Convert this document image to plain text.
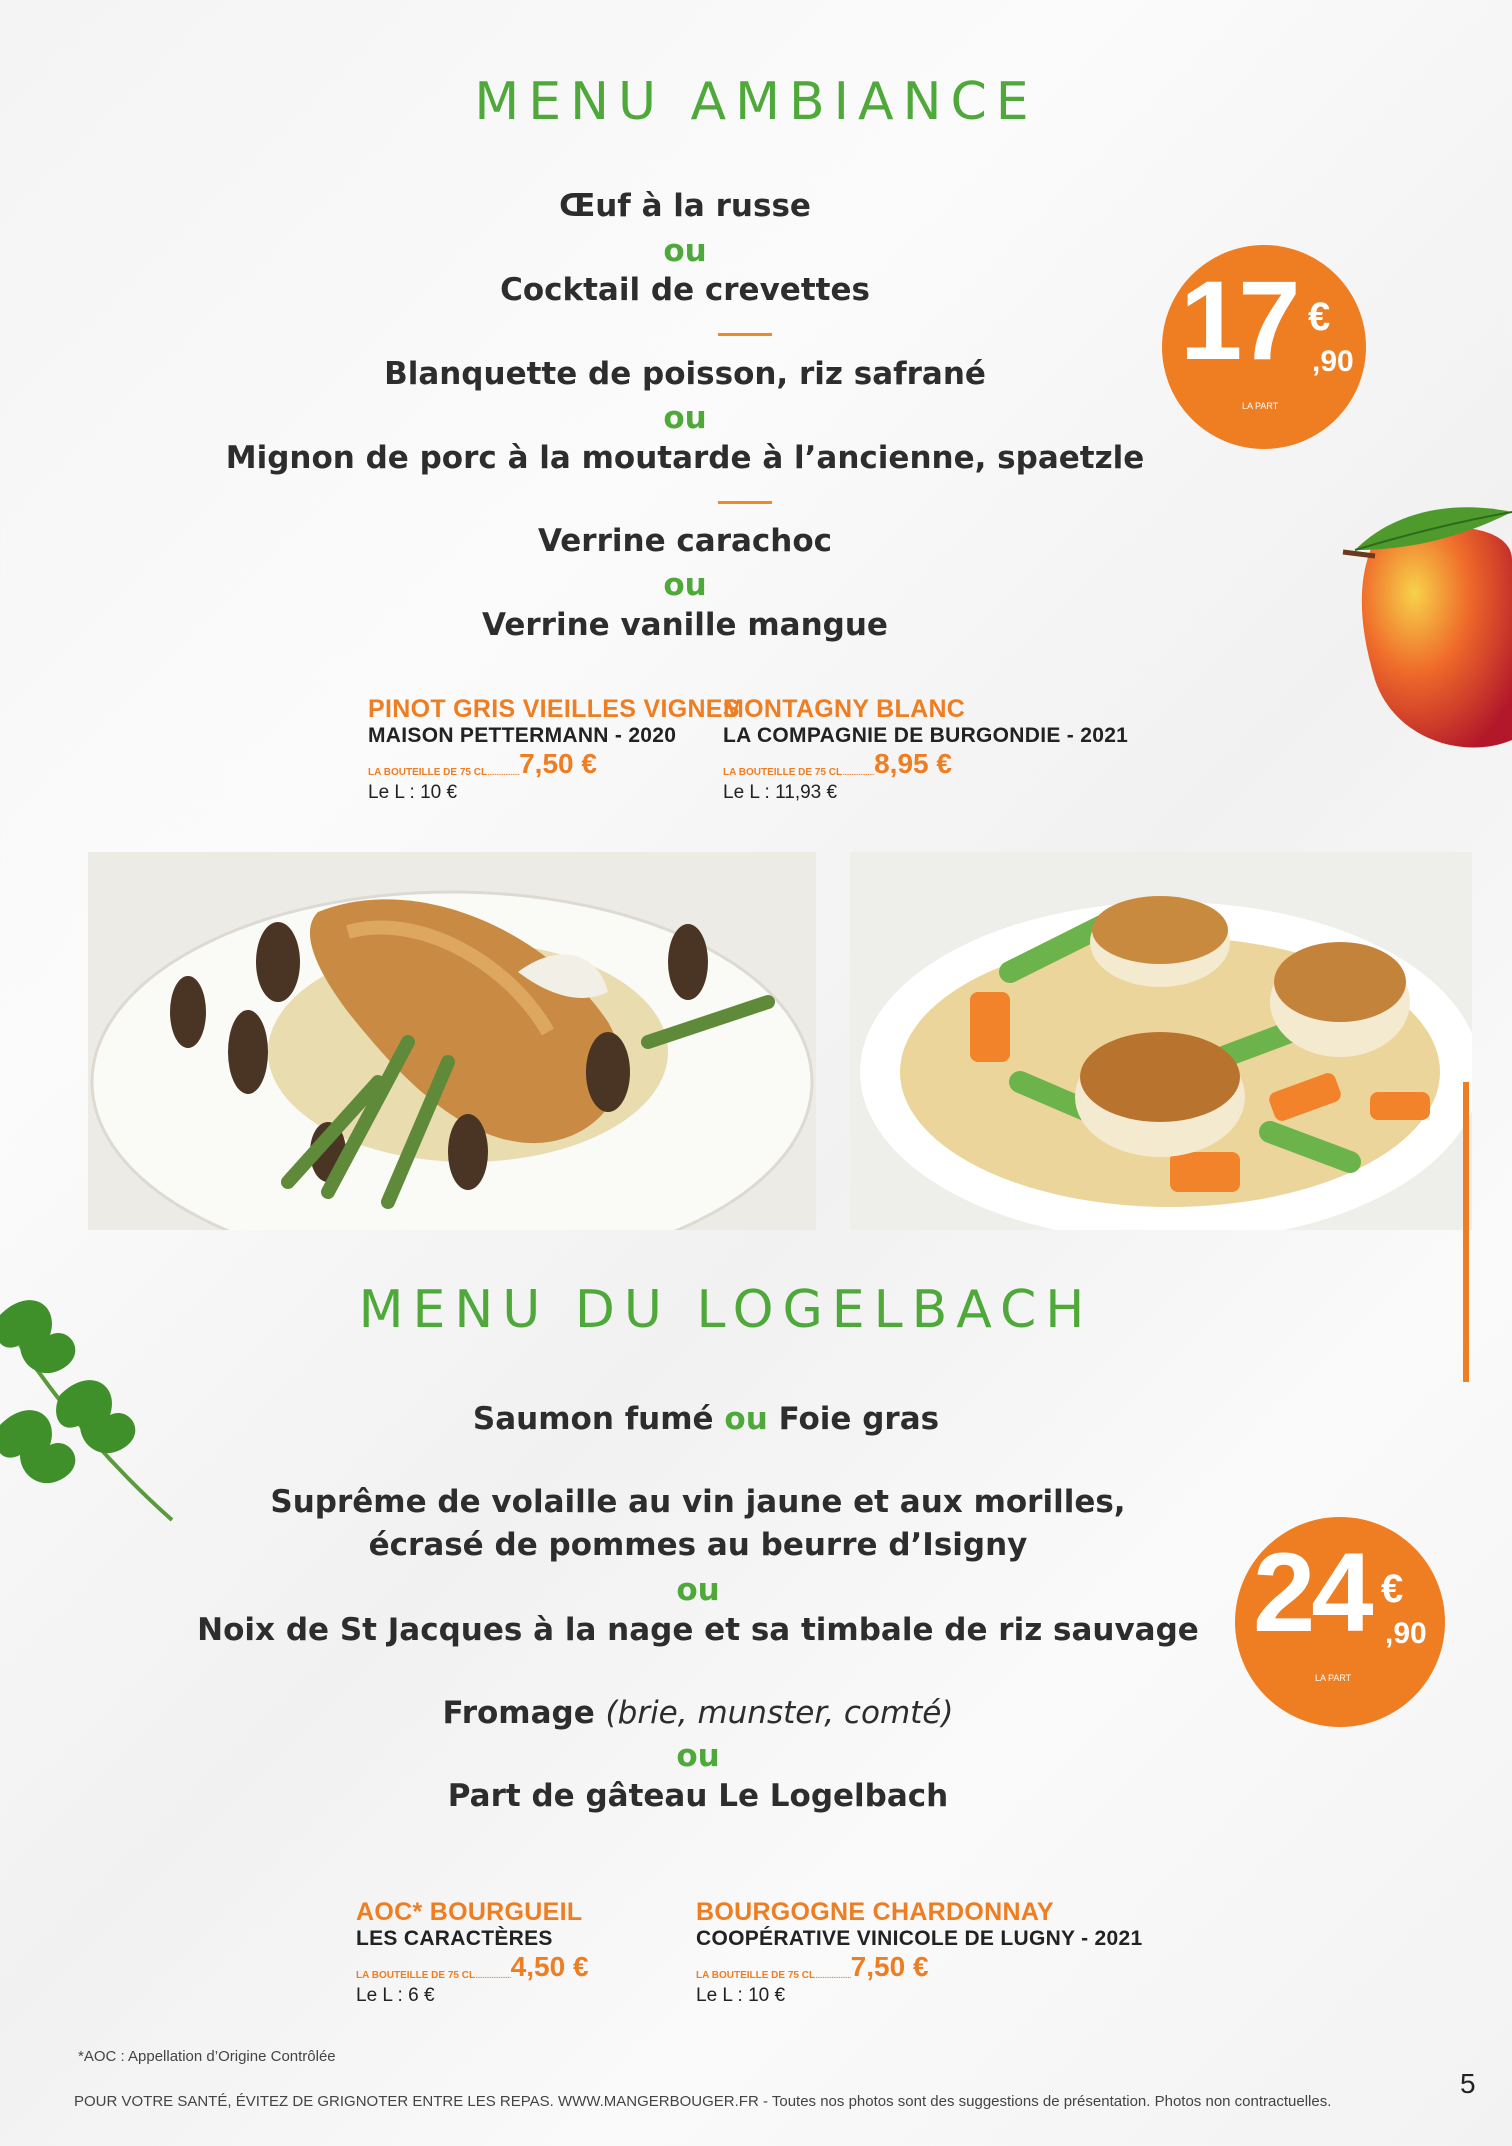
MENU AMBIANCE
Œuf à la russe
ou
Cocktail de crevettes
Blanquette de poisson, riz safrané
ou
Mignon de porc à la moutarde à l’ancienne, spaetzle
Verrine carachoc
ou
Verrine vanille mangue
17 €
,90
LA PART
PINOT GRIS VIEILLES VIGNES
MAISON PETTERMANN - 2020
LA BOUTEILLE DE 75 CL .................. 7,50 €
Le L : 10 €
MONTAGNY BLANC
LA COMPAGNIE DE BURGONDIE - 2021
LA BOUTEILLE DE 75 CL .................. 8,95 €
Le L : 11,93 €
MENU DU LOGELBACH
Saumon fumé ou Foie gras
Suprême de volaille au vin jaune et aux morilles,
écrasé de pommes au beurre d’Isigny
ou
Noix de St Jacques à la nage et sa timbale de riz sauvage
Fromage (brie, munster, comté)
ou
Part de gâteau Le Logelbach
24 €
,90
LA PART
AOC* BOURGUEIL
LES CARACTÈRES
LA BOUTEILLE DE 75 CL .................... 4,50 €
Le L : 6 €
BOURGOGNE CHARDONNAY
COOPÉRATIVE VINICOLE DE LUGNY - 2021
LA BOUTEILLE DE 75 CL .................... 7,50 €
Le L : 10 €
*AOC : Appellation d’Origine Contrôlée
POUR VOTRE SANTÉ, ÉVITEZ DE GRIGNOTER ENTRE LES REPAS. WWW.MANGERBOUGER.FR - Toutes nos photos sont des suggestions de présentation. Photos non contractuelles.
5
